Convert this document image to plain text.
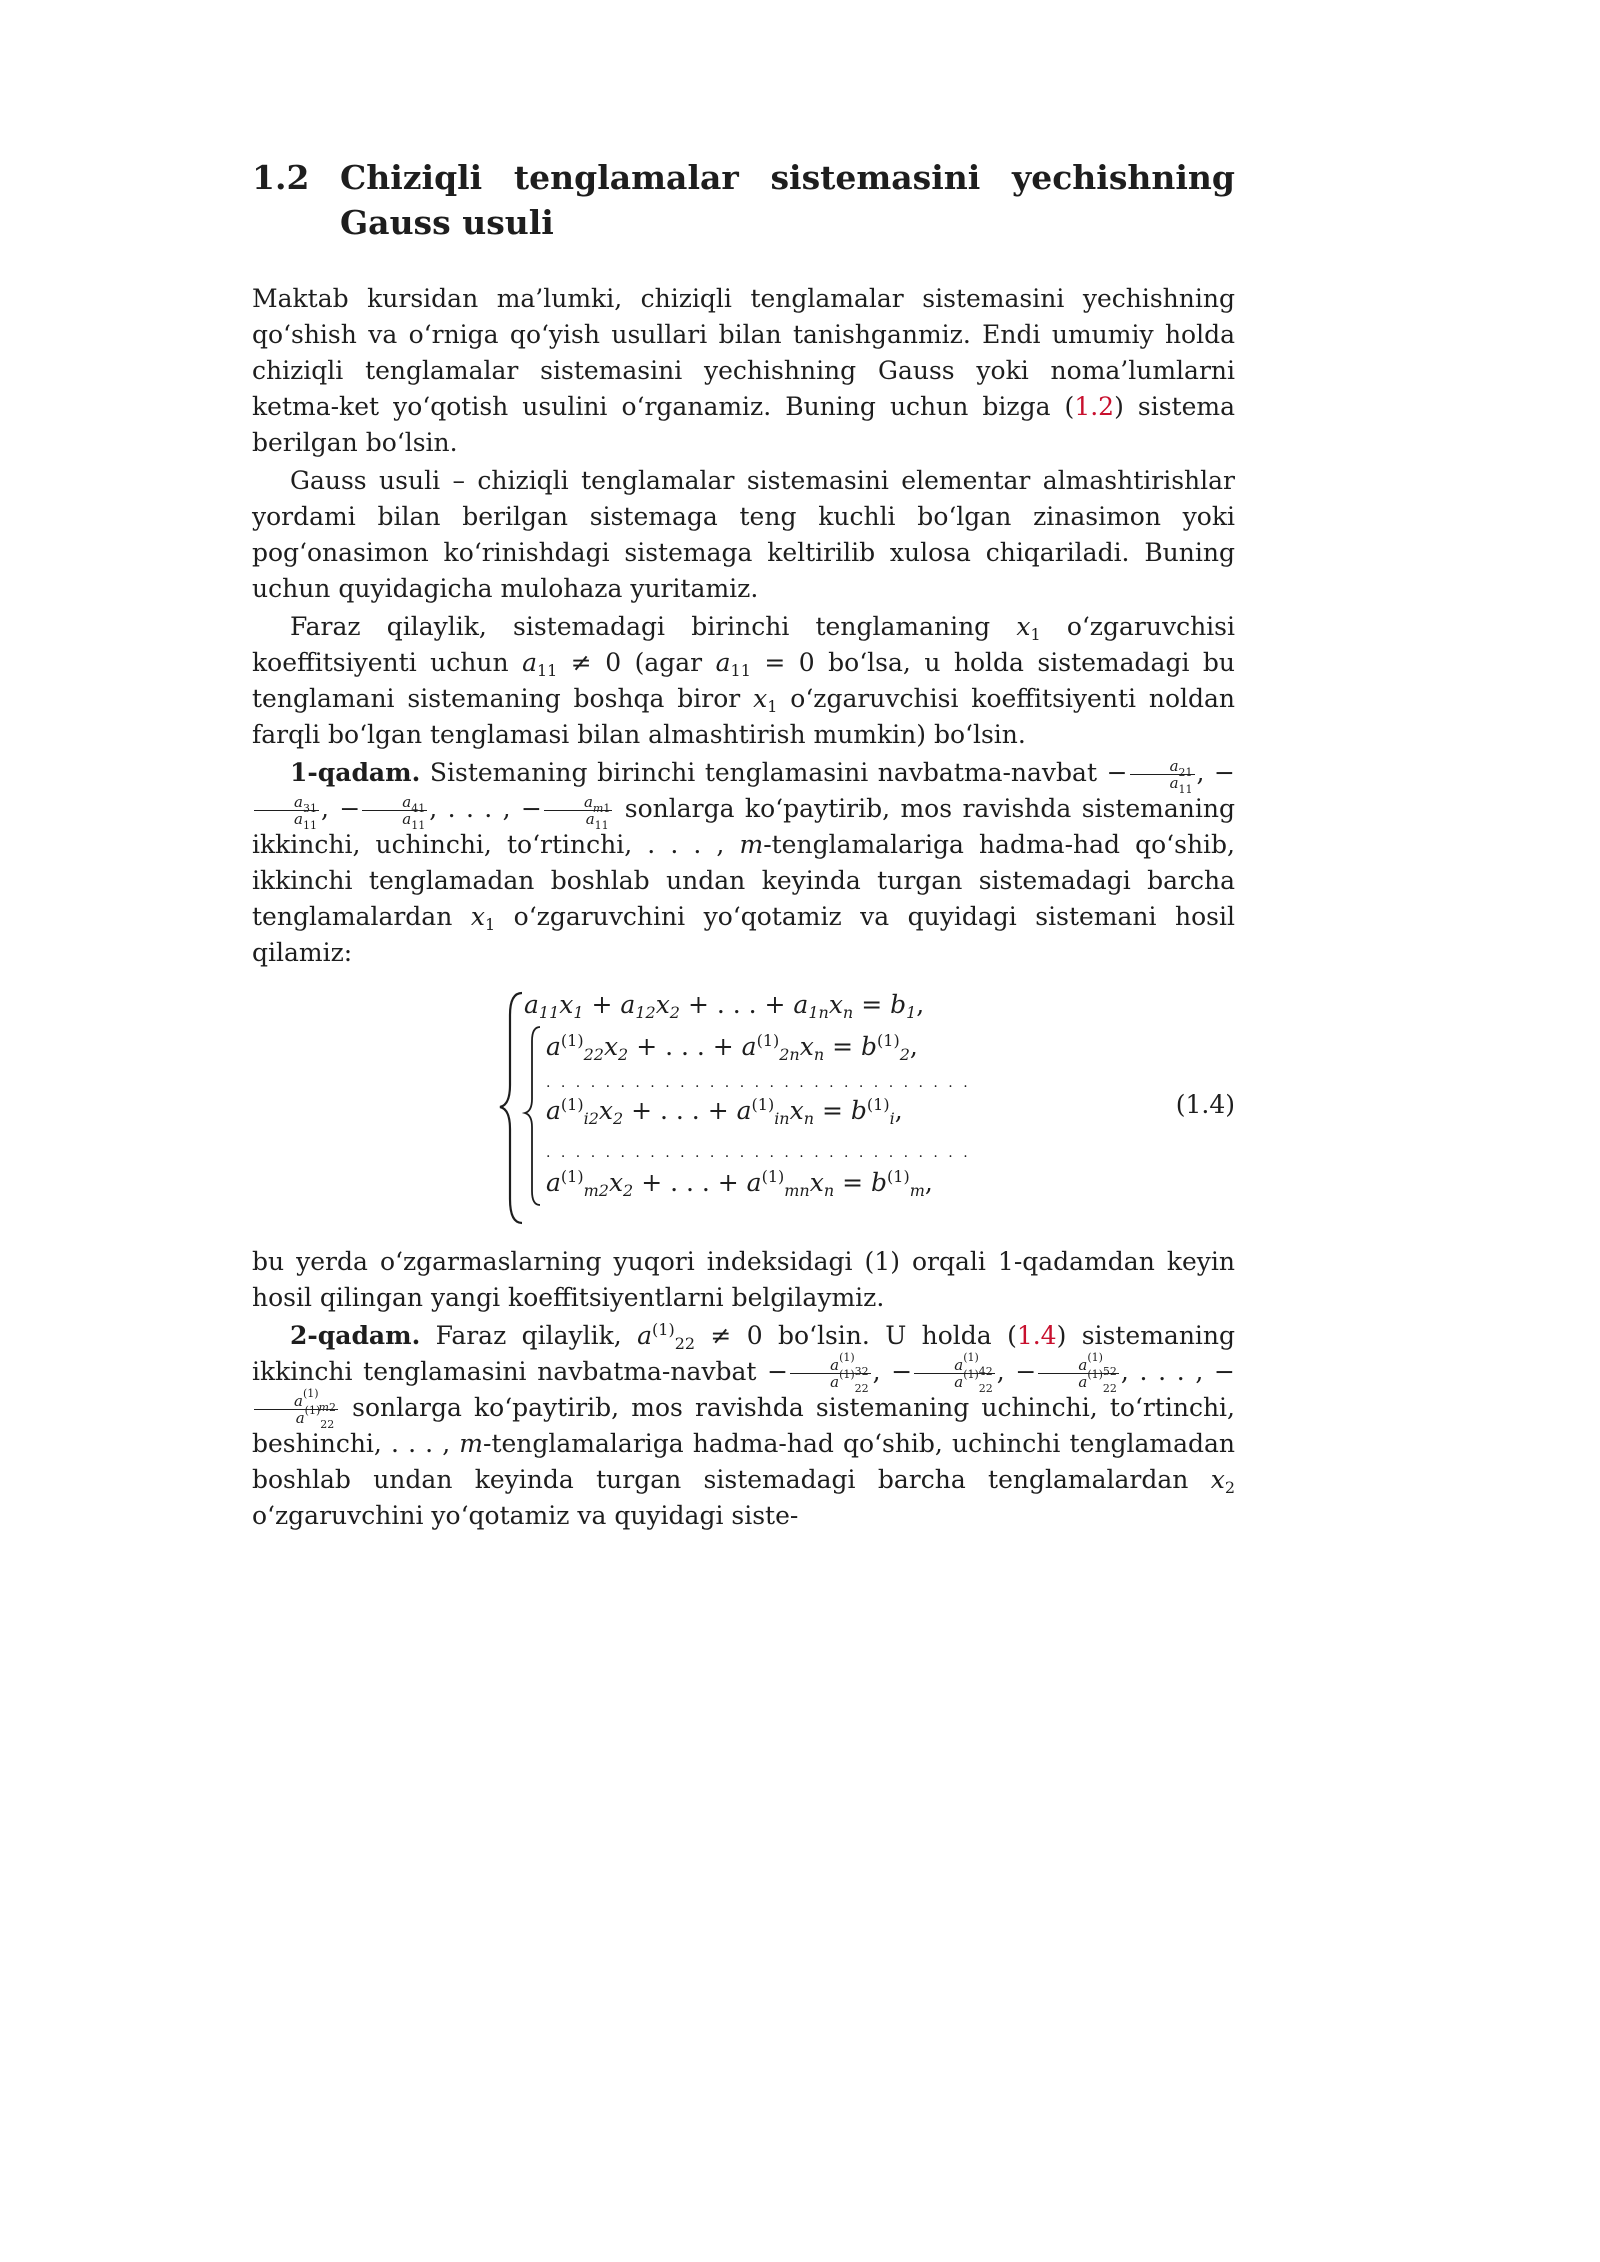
1.2 Chiziqli tenglamalar sistemasini yechishning Gauss usuli

Maktab kursidan ma’lumki, chiziqli tenglamalar sistemasini yechishning qo‘shish va o‘rniga qo‘yish usullari bilan tanishganmiz. Endi umumiy holda chiziqli tenglamalar sistemasini yechishning Gauss yoki noma’lumlarni ketma-ket yo‘qotish usulini o‘rganamiz. Buning uchun bizga (1.2) sistema berilgan bo‘lsin.

Gauss usuli – chiziqli tenglamalar sistemasini elementar almashtirishlar yordami bilan berilgan sistemaga teng kuchli bo‘lgan zinasimon yoki pog‘onasimon ko‘rinishdagi sistemaga keltirilib xulosa chiqariladi. Buning uchun quyidagicha mulohaza yuritamiz.

Faraz qilaylik, sistemadagi birinchi tenglamaning $x_1$ o‘zgaruvchisi koeffitsiyenti uchun $a_{11} \ne 0$ (agar $a_{11} = 0$ bo‘lsa, u holda sistemadagi bu tenglamani sistemaning boshqa biror $x_1$ o‘zgaruvchisi koeffitsiyenti noldan farqli bo‘lgan tenglamasi bilan almashtirish mumkin) bo‘lsin.

1-qadam. Sistemaning birinchi tenglamasini navbatma-navbat − $\frac{a_{21}}{a_{11}}$ , −
$\frac{a_{31}}{a_{11}}$ , − $\frac{a_{41}}{a_{11}}$ , . . . , − $\frac{a_{m1}}{a_{11}}$ sonlarga ko‘paytirib, mos ravishda sistemaning ikkinchi, uchinchi, to‘rtinchi, . . . , m-tenglamalariga hadma-had qo‘shib, ikkinchi tenglamadan boshlab undan keyinda turgan sistemadagi barcha tenglamalardan $x_1$ o‘zgaruvchini yo‘qotamiz va quyidagi sistemani hosil qilamiz:

$a_{11}x_1 + a_{12}x_2$ + . . . + $a_{1n}x_n = b_1$,
$a^{(1)}_{22}x_2$ + . . . + $a^{(1)}_{2n}x_n = b^{(1)}_2$,
. . . . . . . . . . . . . . . . . . . . . . . . . . . . .
$a^{(1)}_{i2}x_2$ + . . . + $a^{(1)}_{in}x_n = b^{(1)}_i$,
. . . . . . . . . . . . . . . . . . . . . . . . . . . . .
$a^{(1)}_{m2}x_2$ + . . . + $a^{(1)}_{mn}x_n = b^{(1)}_m$,
(1.4)

bu yerda o‘zgarmaslarning yuqori indeksidagi (1) orqali 1-qadamdan keyin hosil qilingan yangi koeffitsiyentlarni belgilaymiz.

2-qadam. Faraz qilaylik, $a^{(1)}_{22} \ne 0$ bo‘lsin. U holda (1.4) sistemaning ikkinchi tenglamasini navbatma-navbat − $\frac{a^{(1)}_{32}}{a^{(1)}_{22}}$ , − $\frac{a^{(1)}_{42}}{a^{(1)}_{22}}$ , − $\frac{a^{(1)}_{52}}{a^{(1)}_{22}}$ , . . . , −
$\frac{a^{(1)}_{m2}}{a^{(1)}_{22}}$ sonlarga ko‘paytirib, mos ravishda sistemaning uchinchi, to‘rtinchi, beshinchi, . . . , m-tenglamalariga hadma-had qo‘shib, uchinchi tenglamadan boshlab undan keyinda turgan sistemadagi barcha tenglamalardan $x_2$ o‘zgaruvchini yo‘qotamiz va quyidagi siste-
